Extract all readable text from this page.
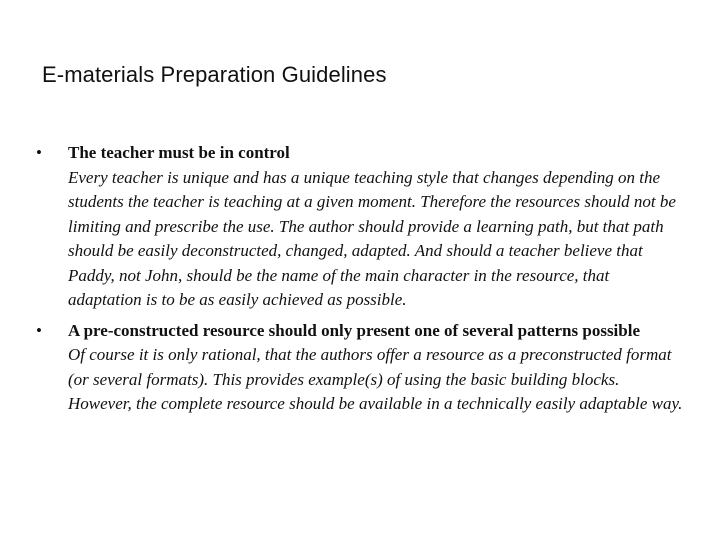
E-materials Preparation Guidelines
•	The teacher must be in control
Every teacher is unique and has a unique teaching style that changes depending on the students the teacher is teaching at a given moment. Therefore the resources should not be limiting and prescribe the use. The author should provide a learning path, but that path should be easily deconstructed, changed, adapted. And should a teacher believe that Paddy, not John, should be the name of the main character in the resource, that adaptation is to be as easily achieved as possible.
•	A pre-constructed resource should only present one of several patterns possible
Of course it is only rational, that the authors offer a resource as a preconstructed format (or several formats). This provides example(s) of using the basic building blocks. However, the complete resource should be available in a technically easily adaptable way.
